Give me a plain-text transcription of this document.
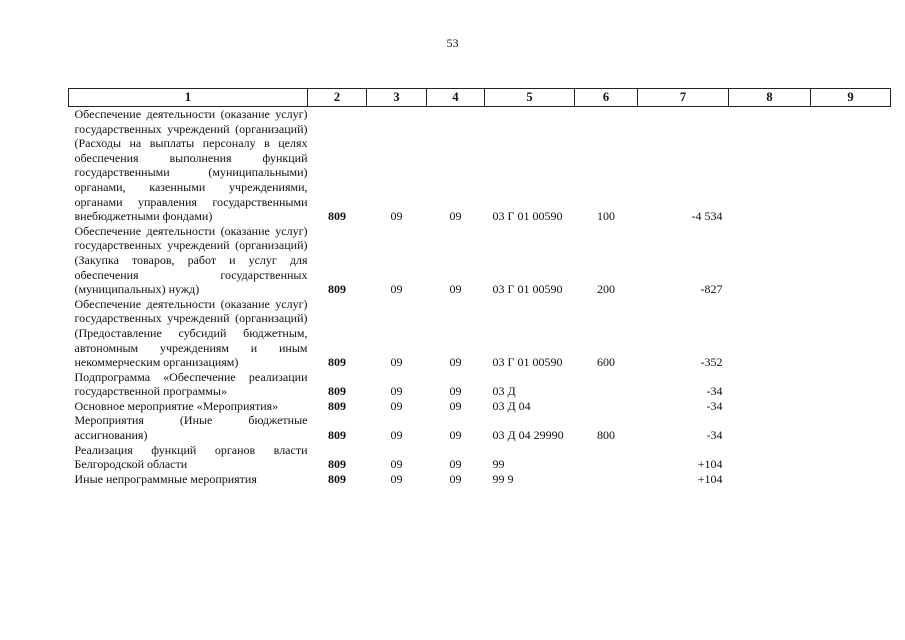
53
1	2	3	4	5	6	7	8	9
Обеспечение деятельности (оказание услуг) государственных учреждений (организаций) (Расходы на выплаты персоналу в целях обеспечения выполнения функций государственными (муниципальными) органами, казенными учреждениями, органами управления государственными внебюджетными фондами)	809	09	09	03 Г 01 00590	100	-4 534		
Обеспечение деятельности (оказание услуг) государственных учреждений (организаций) (Закупка товаров, работ и услуг для обеспечения государственных (муниципальных) нужд)	809	09	09	03 Г 01 00590	200	-827		
Обеспечение деятельности (оказание услуг) государственных учреждений (организаций) (Предоставление субсидий бюджетным, автономным учреждениям и иным некоммерческим организациям)	809	09	09	03 Г 01 00590	600	-352		
Подпрограмма «Обеспечение реализации государственной программы»	809	09	09	03 Д		-34		
Основное мероприятие «Мероприятия»	809	09	09	03 Д 04		-34		
Мероприятия (Иные бюджетные ассигнования)	809	09	09	03 Д 04 29990	800	-34		
Реализация функций органов власти Белгородской области	809	09	09	99		+104		
Иные непрограммные мероприятия	809	09	09	99 9		+104		
